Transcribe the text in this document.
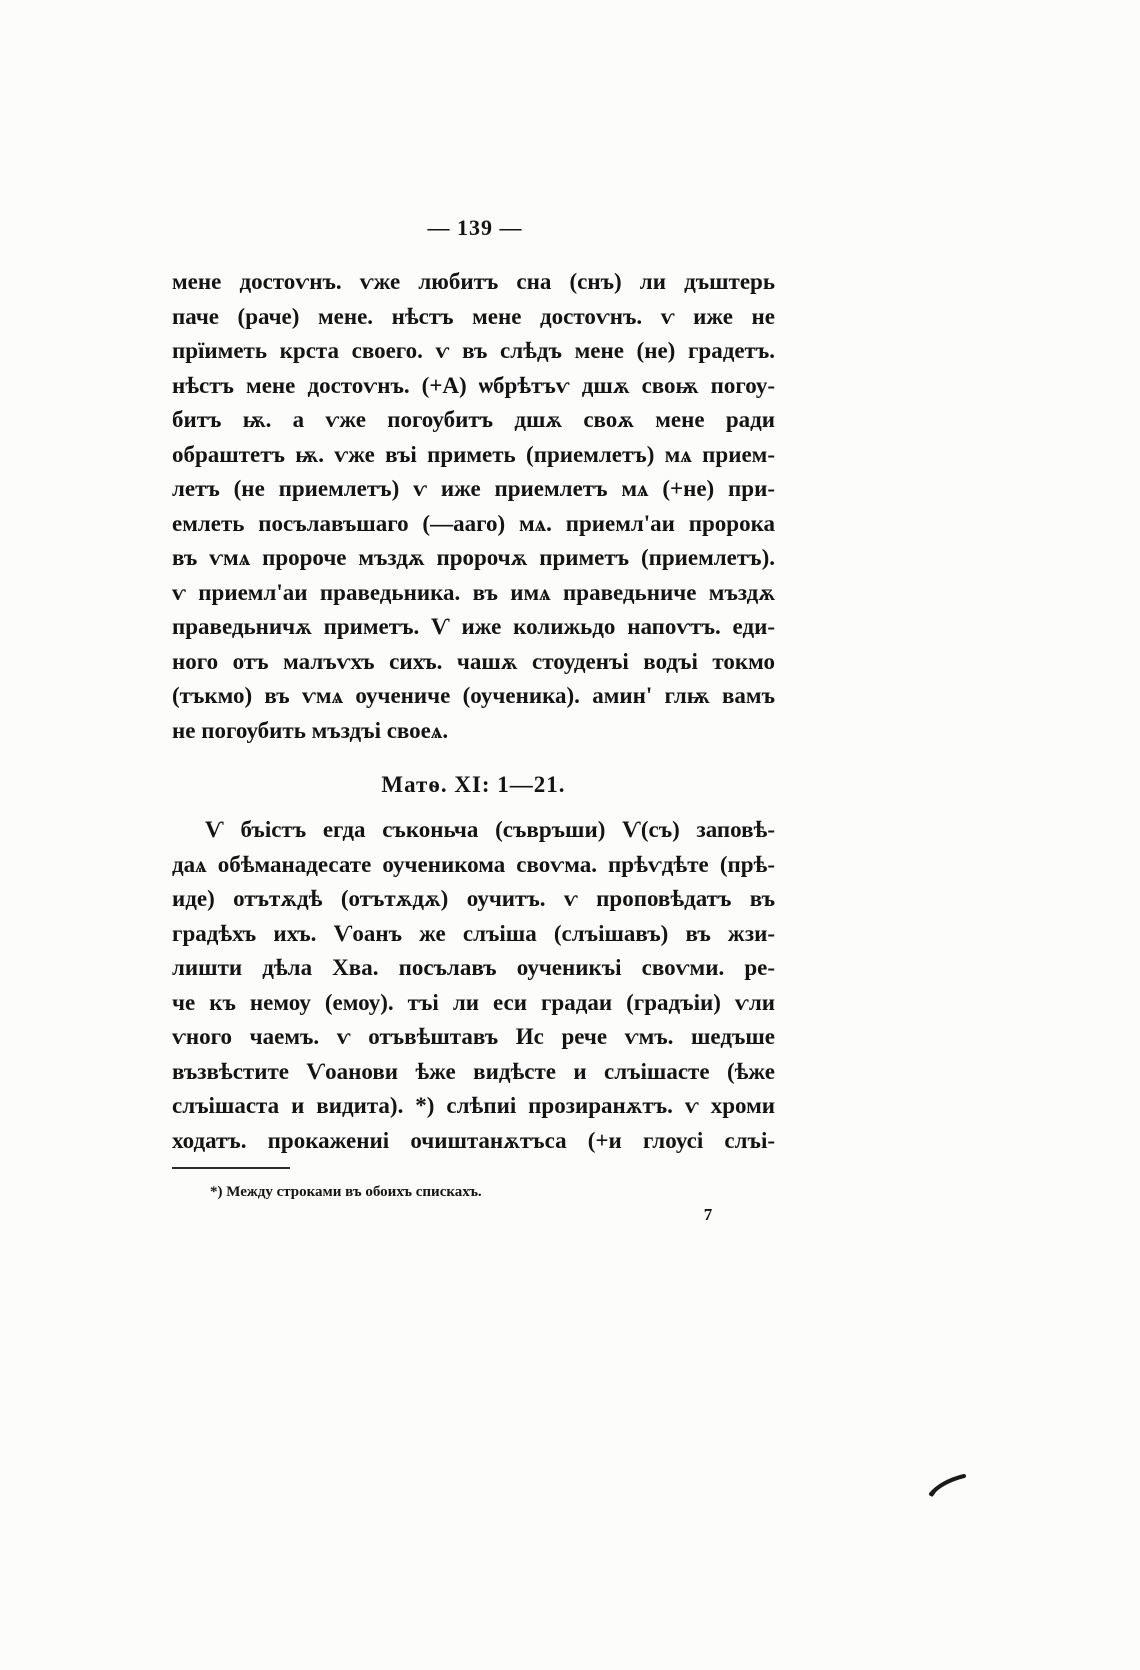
— 139 —
мене достоѵнъ. ѵже любитъ сна (снъ) ли дъштерь
паче (раче) мене. нѣстъ мене достоѵнъ. ѵ иже не
прїиметь крста своего. ѵ въ слѣдъ мене (не) градетъ.
нѣстъ мене достоѵнъ. (+А) ѡбрѣтъѵ дшѫ своѭ погоу-
битъ ѭ. а ѵже погоубитъ дшѫ своѫ мене ради
обраштетъ ѭ. ѵже въі приметь (приемлетъ) мѧ прием-
летъ (не приемлетъ) ѵ иже приемлетъ мѧ (+не) при-
емлеть посълавъшаго (—ааго) мѧ. приемл'аи пророка
въ ѵмѧ пророче мъздѫ пророчѫ приметъ (приемлетъ).
ѵ приемл'аи праведьника. въ имѧ праведьниче мъздѫ
праведьничѫ приметъ. Ѵ иже колижьдо напоѵтъ. еди-
ного отъ малъѵхъ сихъ. чашѫ стоуденъі водъі токмо
(тъкмо) въ ѵмѧ оученичe (оученика). амин' глѭ вамъ
не погоубить мъздъі своеѧ.
Матѳ. XI: 1—21.
Ѵ бъістъ егда съконьча (съвръши) Ѵ(съ) заповѣ-
даѧ обѣманадесате оученикома своѵма. прѣѵдѣте (прѣ-
иде) отътѫдѣ (отътѫдѫ) оучитъ. ѵ проповѣдатъ въ
градѣхъ ихъ. Ѵоанъ же слъіша (слъішавъ) въ жзи-
лишти дѣла Хва. посълавъ оученикъі своѵми. ре-
че къ немоу (емоу). тъі ли еси градаи (градъіи) ѵли
ѵного чаемъ. ѵ отъвѣштавъ Ис рече ѵмъ. шедъше
възвѣстите Ѵоанови ѣже видѣсте и слъішасте (ѣже
слъішаста и видита). *) слѣпиі прозиранѫтъ. ѵ хроми
ходатъ. прокажениі очиштанѫтъса (+и глоусі слъі-
*) Между строками въ обоихъ спискахъ.
7
